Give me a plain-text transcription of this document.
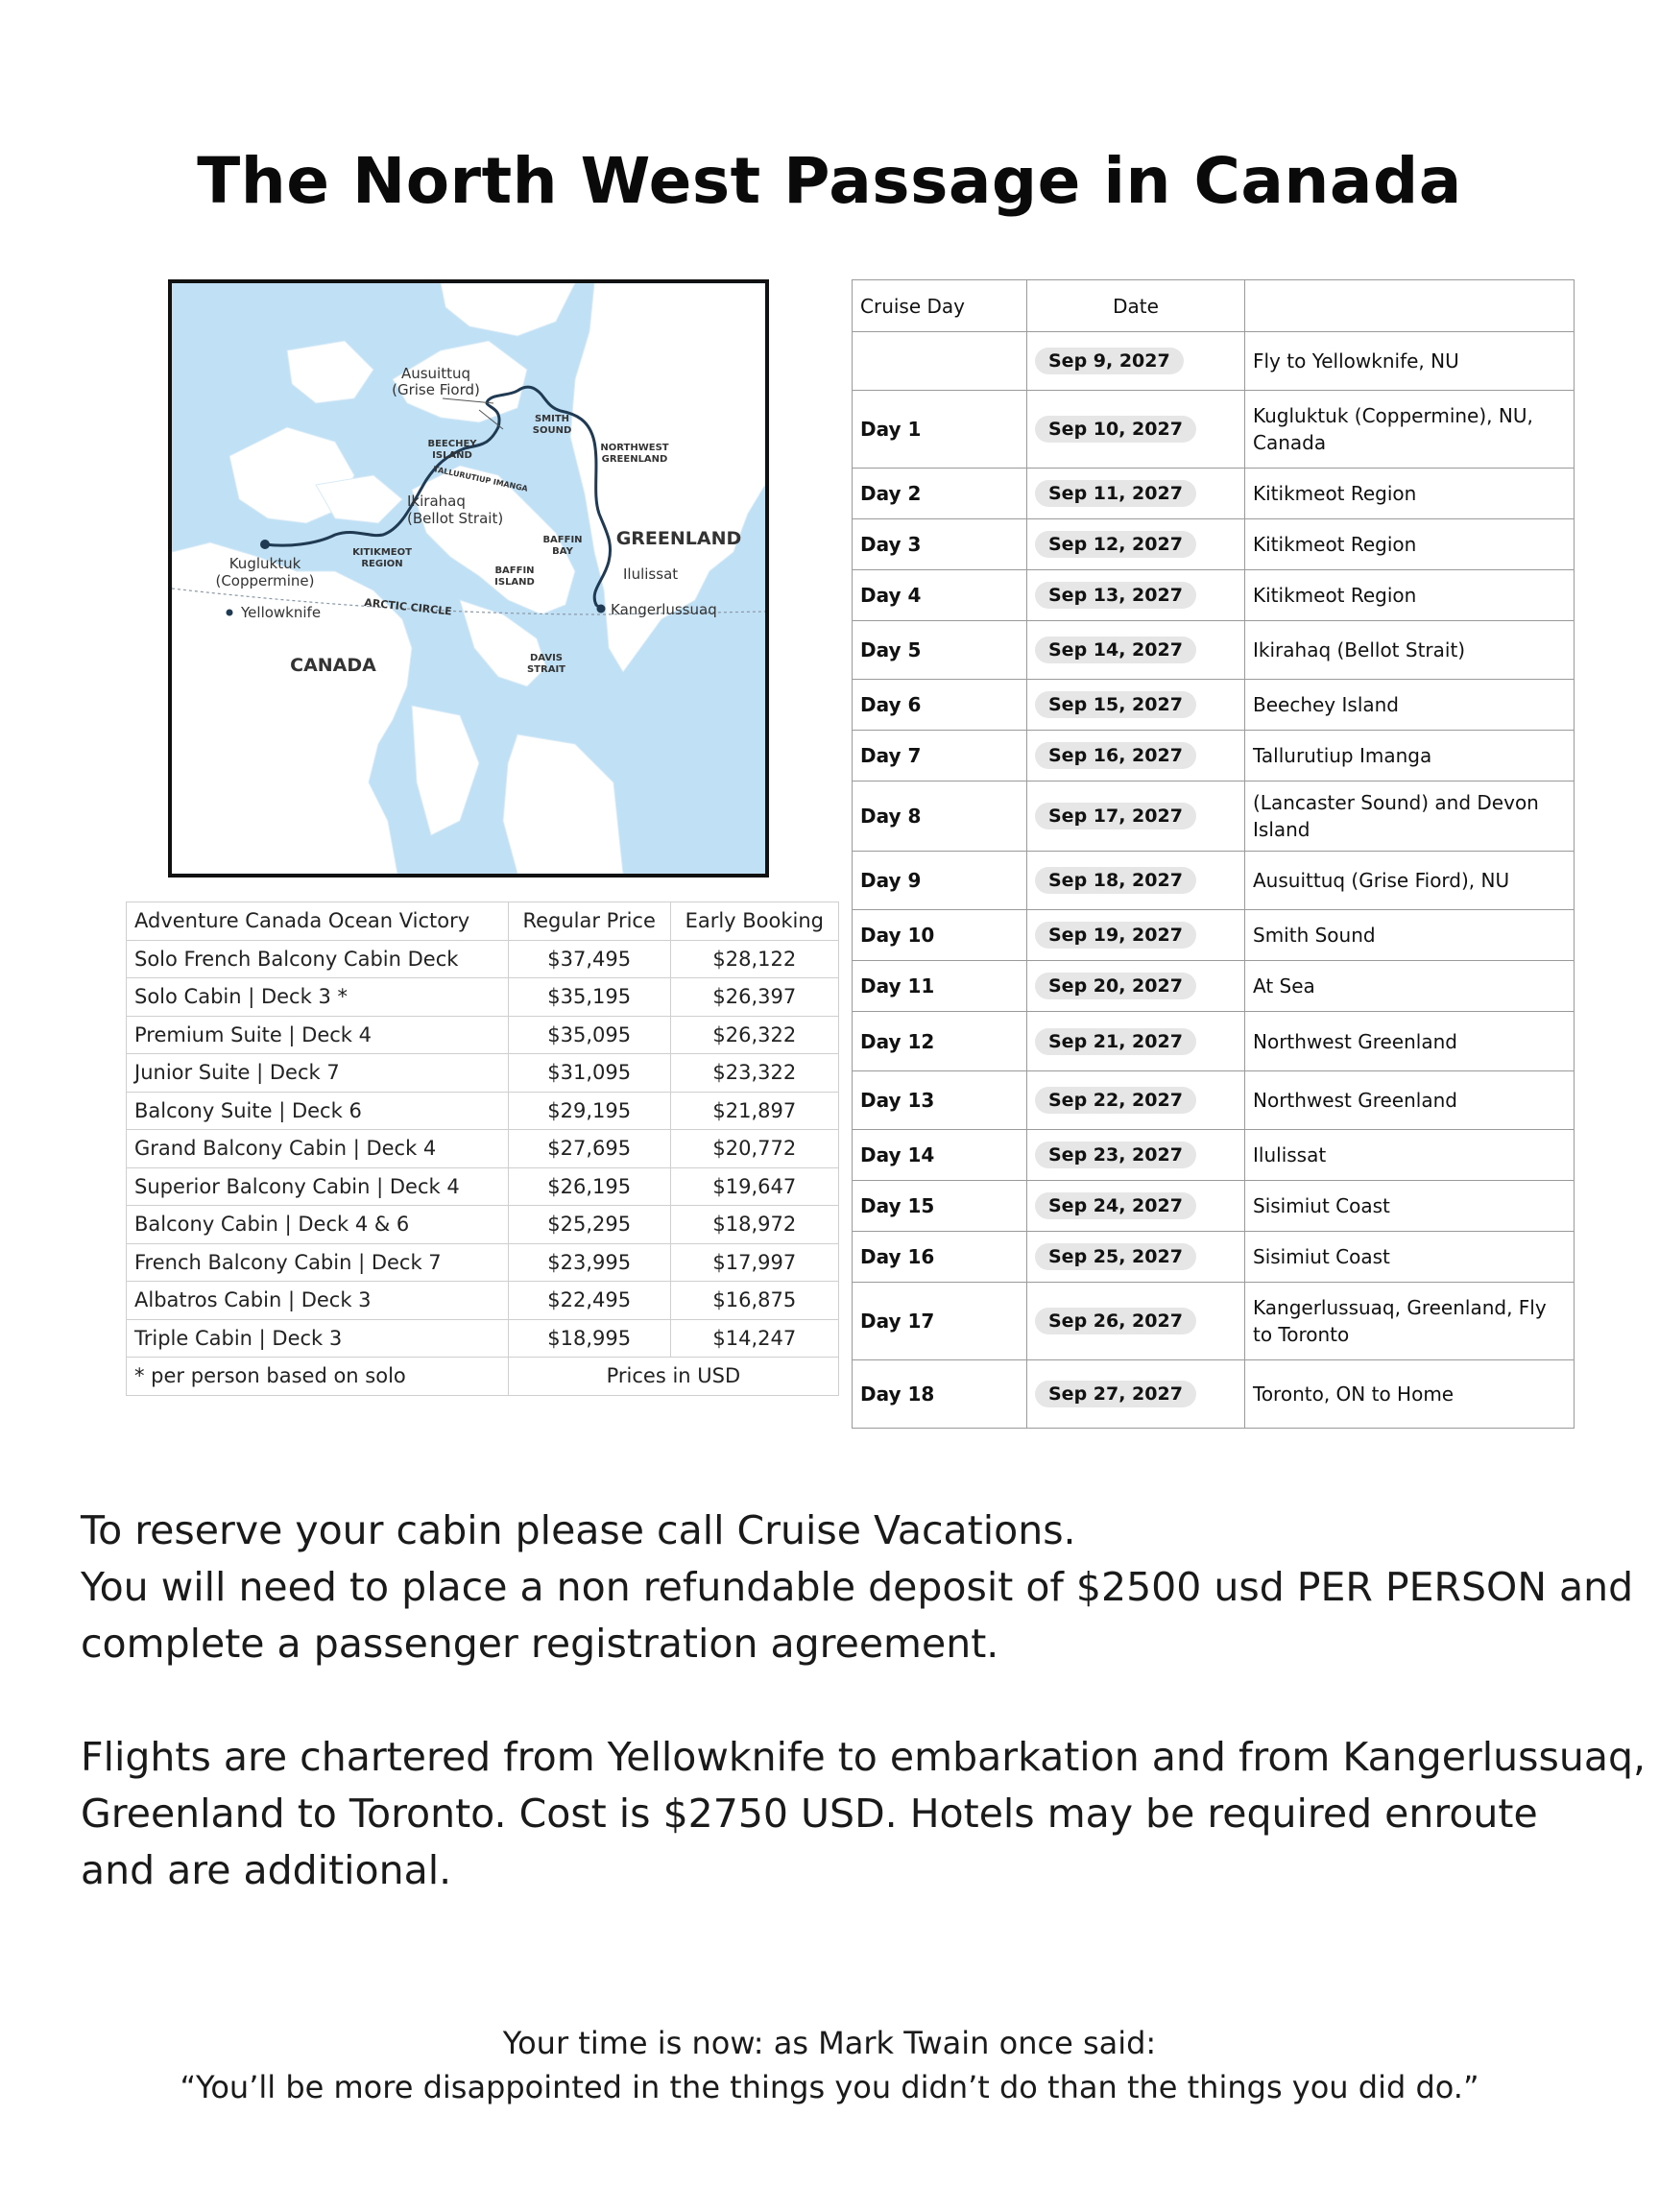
The North West Passage in Canada
Ausuittuq
(Grise Fiord)
SMITH
SOUND
BEECHEY
ISLAND
NORTHWEST
GREENLAND
TALLURUTIUP IMANGA
Ikirahaq
(Bellot Strait)
GREENLAND
BAFFIN
BAY
KITIKMEOT
REGION
Kugluktuk
(Coppermine)
BAFFIN
ISLAND	Ilulissat
ARCTIC CIRCLE	Kangerlussuaq
Yellowknife
CANADA	DAVIS
STRAIT
Adventure Canada Ocean Victory	Regular Price	Early Booking
Solo French Balcony Cabin Deck	$37,495	$28,122
Solo Cabin | Deck 3 *	$35,195	$26,397
Premium Suite | Deck 4	$35,095	$26,322
Junior Suite | Deck 7	$31,095	$23,322
Balcony Suite | Deck 6	$29,195	$21,897
Grand Balcony Cabin | Deck 4	$27,695	$20,772
Superior Balcony Cabin | Deck 4	$26,195	$19,647
Balcony Cabin | Deck 4 & 6	$25,295	$18,972
French Balcony Cabin | Deck 7	$23,995	$17,997
Albatros Cabin | Deck 3	$22,495	$16,875
Triple Cabin | Deck 3	$18,995	$14,247
* per person based on solo	Prices in USD	
Cruise Day	Date	
	Sep 9, 2027	Fly to Yellowknife, NU
Day 1	Sep 10, 2027	Kugluktuk (Coppermine), NU, Canada
Day 2	Sep 11, 2027	Kitikmeot Region
Day 3	Sep 12, 2027	Kitikmeot Region
Day 4	Sep 13, 2027	Kitikmeot Region
Day 5	Sep 14, 2027	Ikirahaq (Bellot Strait)
Day 6	Sep 15, 2027	Beechey Island
Day 7	Sep 16, 2027	Tallurutiup Imanga
Day 8	Sep 17, 2027	(Lancaster Sound) and Devon Island
Day 9	Sep 18, 2027	Ausuittuq (Grise Fiord), NU
Day 10	Sep 19, 2027	Smith Sound
Day 11	Sep 20, 2027	At Sea
Day 12	Sep 21, 2027	Northwest Greenland
Day 13	Sep 22, 2027	Northwest Greenland
Day 14	Sep 23, 2027	Ilulissat
Day 15	Sep 24, 2027	Sisimiut Coast
Day 16	Sep 25, 2027	Sisimiut Coast
Day 17	Sep 26, 2027	Kangerlussuaq, Greenland, Fly to Toronto
Day 18	Sep 27, 2027	Toronto, ON to Home
To reserve your cabin please call Cruise Vacations.
You will need to place a non refundable deposit of $2500 usd PER PERSON and
complete a passenger registration agreement.
Flights are chartered from Yellowknife to embarkation and from Kangerlussuaq,
Greenland to Toronto. Cost is $2750 USD. Hotels may be required enroute
and are additional.
Your time is now: as Mark Twain once said:
“You’ll be more disappointed in the things you didn’t do than the things you did do.”
